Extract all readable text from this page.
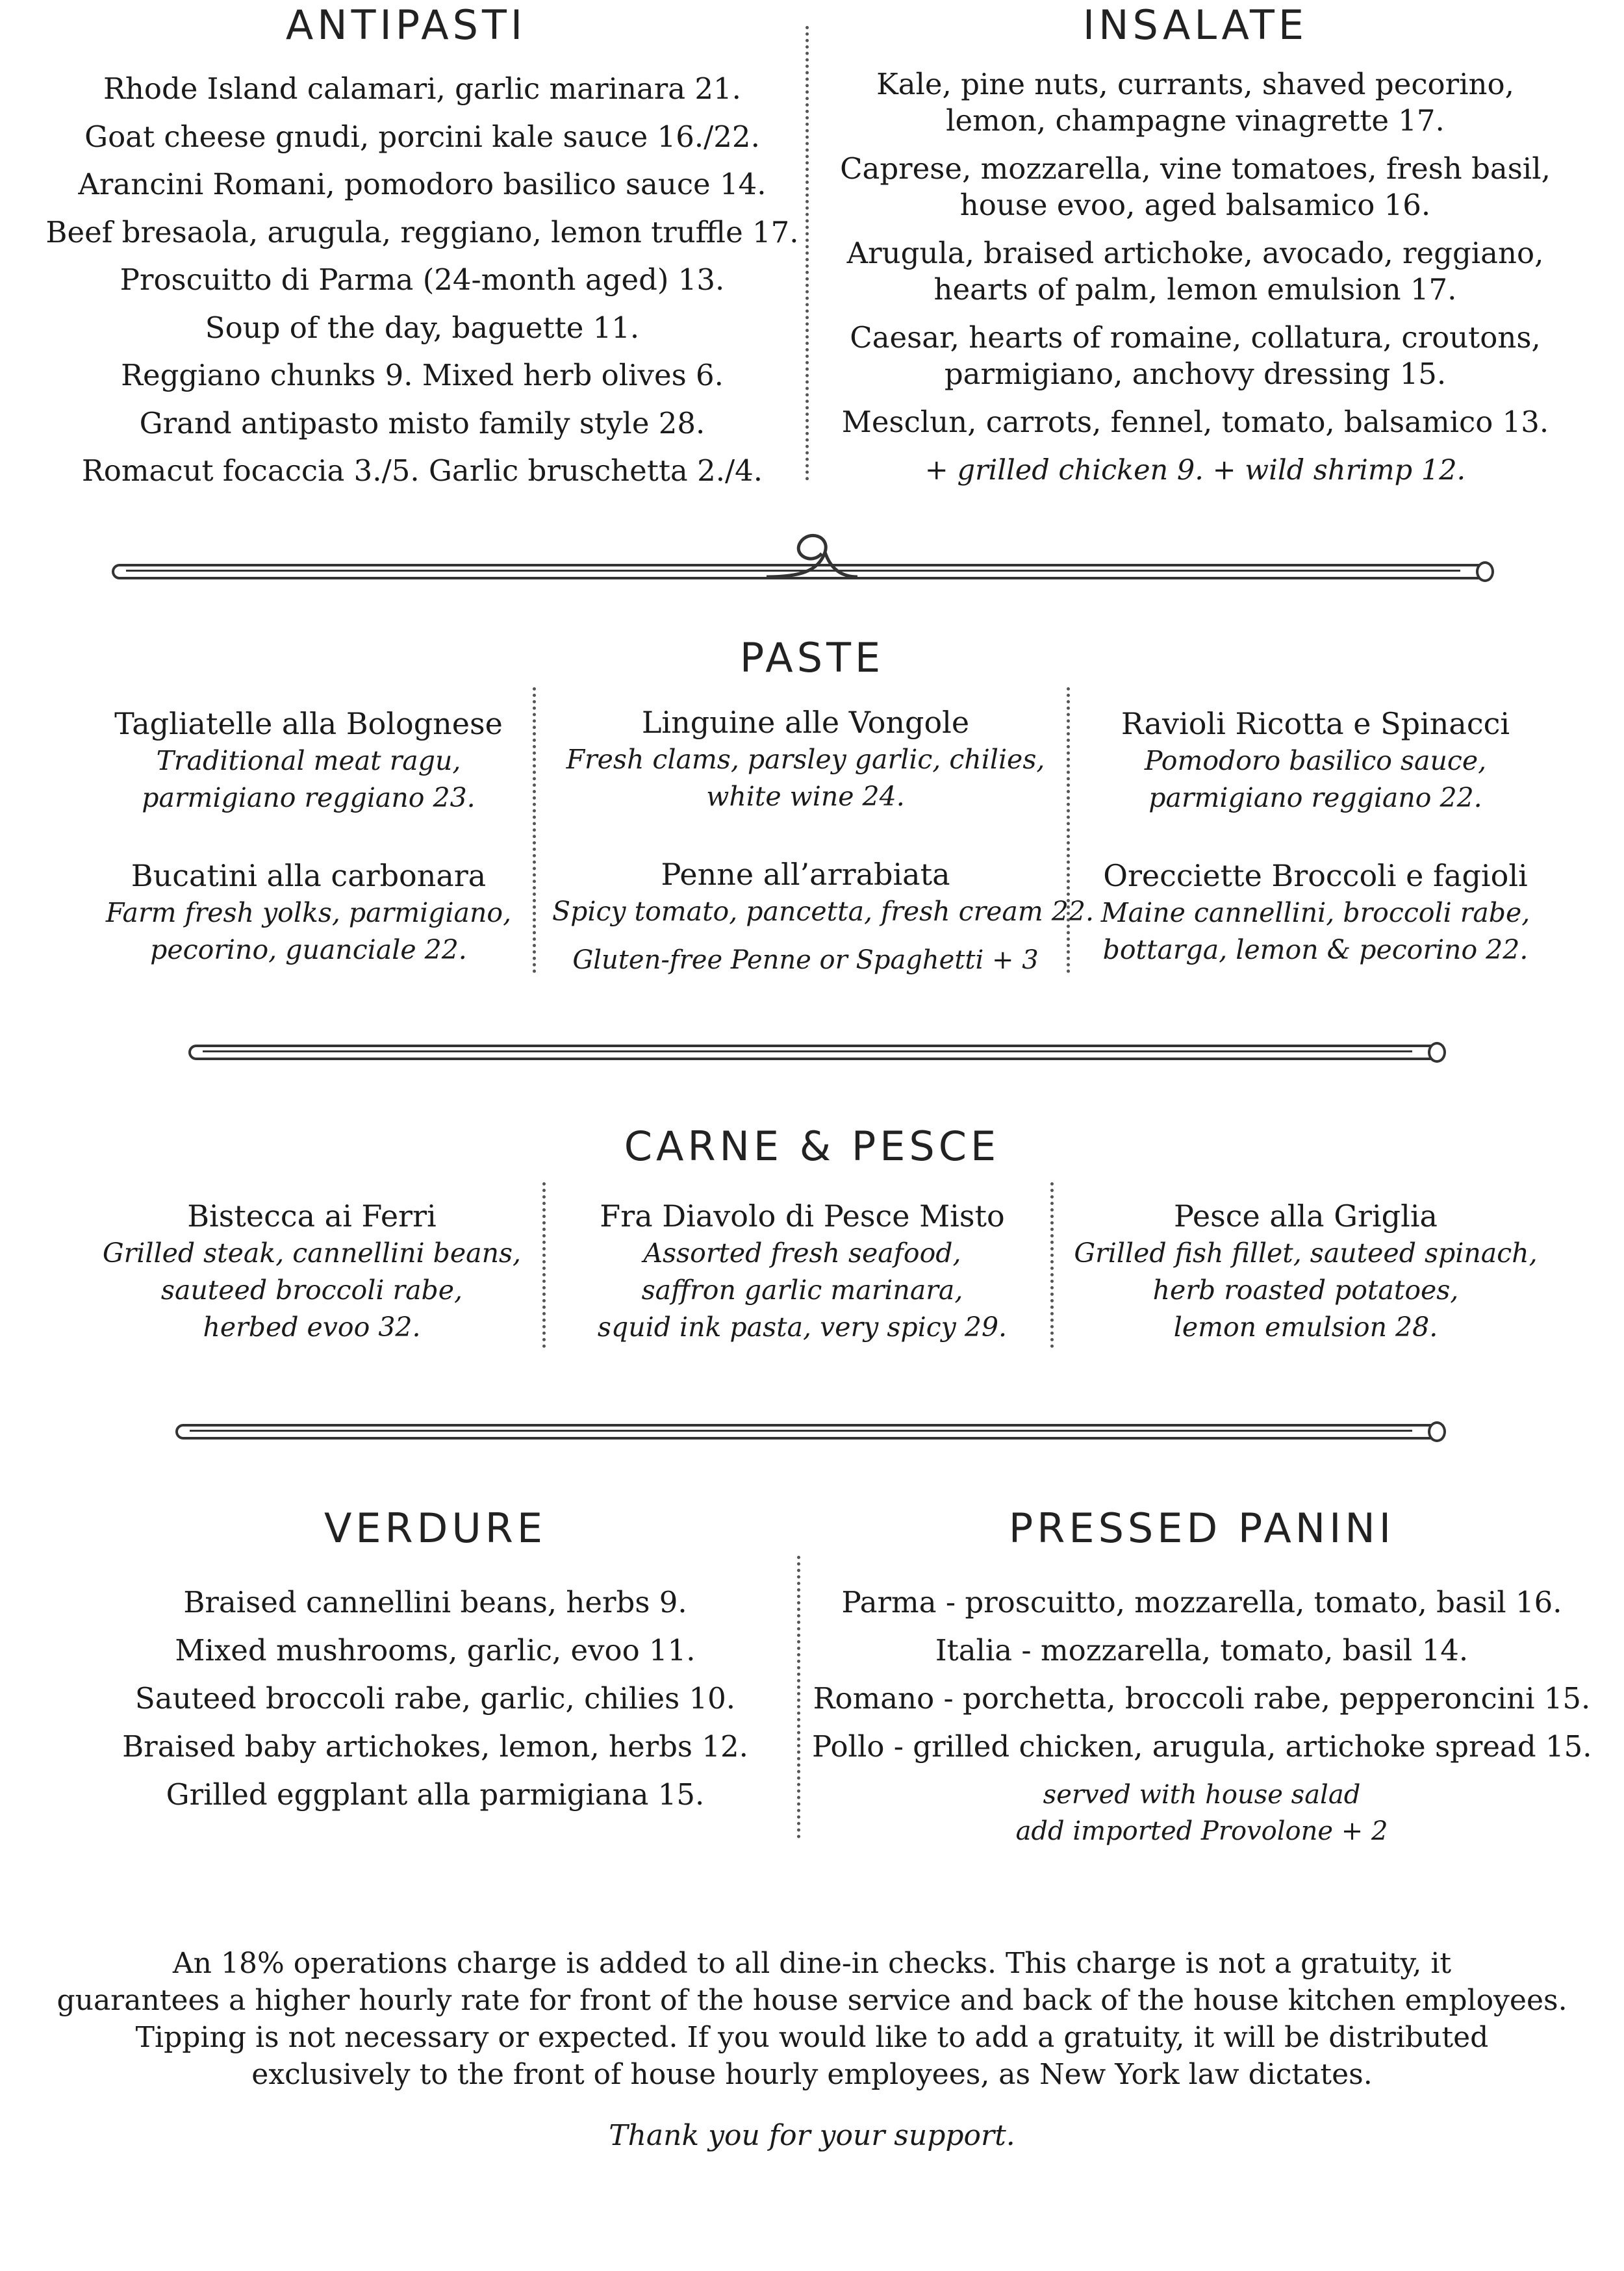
ANTIPASTI
Rhode Island calamari, garlic marinara 21.
Goat cheese gnudi, porcini kale sauce 16./22.
Arancini Romani, pomodoro basilico sauce 14.
Beef bresaola, arugula, reggiano, lemon truffle 17.
Proscuitto di Parma (24-month aged) 13.
Soup of the day, baguette 11.
Reggiano chunks 9. Mixed herb olives 6.
Grand antipasto misto family style 28.
Romacut focaccia 3./5. Garlic bruschetta 2./4.
INSALATE
Kale, pine nuts, currants, shaved pecorino,
lemon, champagne vinagrette 17.
Caprese, mozzarella, vine tomatoes, fresh basil,
house evoo, aged balsamico 16.
Arugula, braised artichoke, avocado, reggiano,
hearts of palm, lemon emulsion 17.
Caesar, hearts of romaine, collatura, croutons,
parmigiano, anchovy dressing 15.
Mesclun, carrots, fennel, tomato, balsamico 13.
+ grilled chicken 9. + wild shrimp 12.
PASTE
Tagliatelle alla Bolognese
Traditional meat ragu,
parmigiano reggiano 23.
Bucatini alla carbonara
Farm fresh yolks, parmigiano,
pecorino, guanciale 22.
Linguine alle Vongole
Fresh clams, parsley garlic, chilies,
white wine 24.
Penne all’arrabiata
Spicy tomato, pancetta, fresh cream 22.
Gluten-free Penne or Spaghetti + 3
Ravioli Ricotta e Spinacci
Pomodoro basilico sauce,
parmigiano reggiano 22.
Orecciette Broccoli e fagioli
Maine cannellini, broccoli rabe,
bottarga, lemon & pecorino 22.
CARNE & PESCE
Bistecca ai Ferri
Grilled steak, cannellini beans,
sauteed broccoli rabe,
herbed evoo 32.
Fra Diavolo di Pesce Misto
Assorted fresh seafood,
saffron garlic marinara,
squid ink pasta, very spicy 29.
Pesce alla Griglia
Grilled fish fillet, sauteed spinach,
herb roasted potatoes,
lemon emulsion 28.
VERDURE
Braised cannellini beans, herbs 9.
Mixed mushrooms, garlic, evoo 11.
Sauteed broccoli rabe, garlic, chilies 10.
Braised baby artichokes, lemon, herbs 12.
Grilled eggplant alla parmigiana 15.
PRESSED PANINI
Parma - proscuitto, mozzarella, tomato, basil 16.
Italia - mozzarella, tomato, basil 14.
Romano - porchetta, broccoli rabe, pepperoncini 15.
Pollo - grilled chicken, arugula, artichoke spread 15.
served with house salad
add imported Provolone + 2
An 18% operations charge is added to all dine-in checks. This charge is not a gratuity, it
guarantees a higher hourly rate for front of the house service and back of the house kitchen employees.
Tipping is not necessary or expected. If you would like to add a gratuity, it will be distributed
exclusively to the front of house hourly employees, as New York law dictates.
Thank you for your support.
